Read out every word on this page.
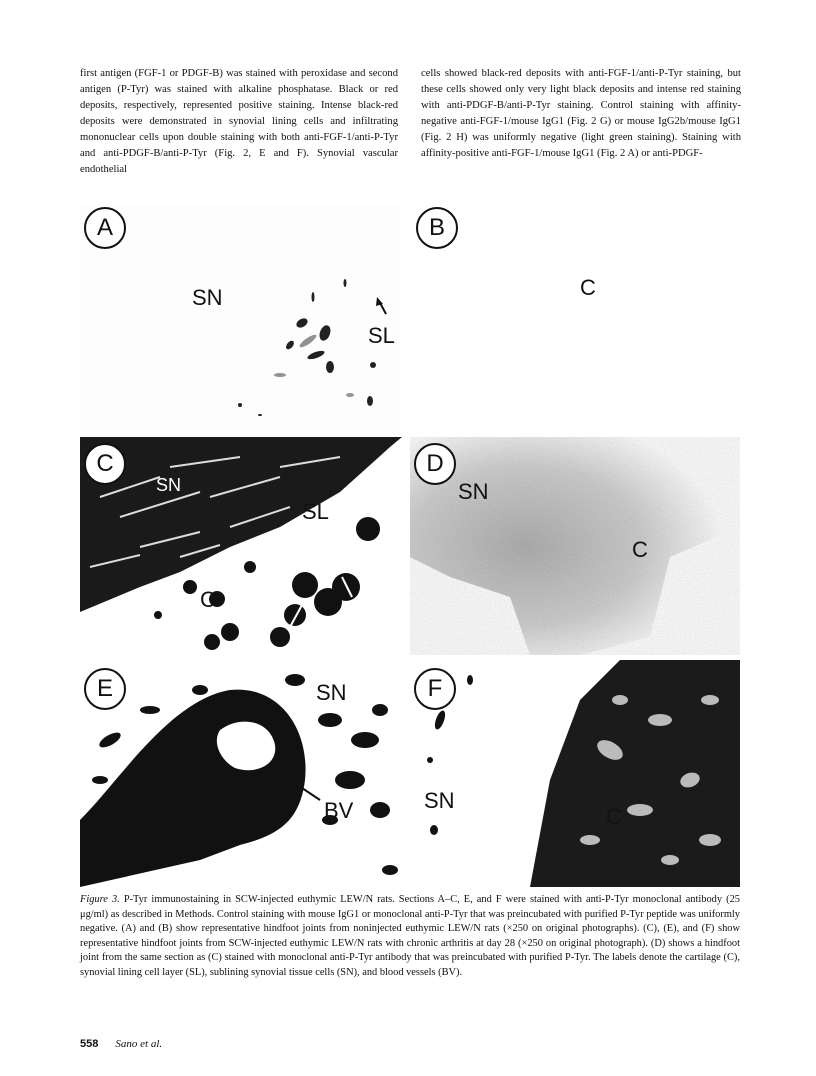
first antigen (FGF-1 or PDGF-B) was stained with peroxidase and second antigen (P-Tyr) was stained with alkaline phosphatase. Black or red deposits, respectively, represented positive staining. Intense black-red deposits were demonstrated in synovial lining cells and infiltrating mononuclear cells upon double staining with both anti-FGF-1/anti-P-Tyr and anti-PDGF-B/anti-P-Tyr (Fig. 2, E and F). Synovial vascular endothelial

cells showed black-red deposits with anti-FGF-1/anti-P-Tyr staining, but these cells showed only very light black deposits and intense red staining with anti-PDGF-B/anti-P-Tyr staining. Control staining with affinity-negative anti-FGF-1/mouse IgG1 (Fig. 2 G) or mouse IgG2b/mouse IgG1 (Fig. 2 H) was uniformly negative (light green staining). Staining with affinity-positive anti-FGF-1/mouse IgG1 (Fig. 2 A) or anti-PDGF-

A
SN
SL
B
C
C
SN
SL
C
D
SN
C
E	SN
BV
F
SN
C

Figure 3. P-Tyr immunostaining in SCW-injected euthymic LEW/N rats. Sections A–C, E, and F were stained with anti-P-Tyr monoclonal antibody (25 μg/ml) as described in Methods. Control staining with mouse IgG1 or monoclonal anti-P-Tyr that was preincubated with purified P-Tyr peptide was uniformly negative. (A) and (B) show representative hindfoot joints from noninjected euthymic LEW/N rats (×250 on original photographs). (C), (E), and (F) show representative hindfoot joints from SCW-injected euthymic LEW/N rats with chronic arthritis at day 28 (×250 on original photograph). (D) shows a hindfoot joint from the same section as (C) stained with monoclonal anti-P-Tyr antibody that was preincubated with purified P-Tyr. The labels denote the cartilage (C), synovial lining cell layer (SL), sublining synovial tissue cells (SN), and blood vessels (BV).

558 Sano et al.
